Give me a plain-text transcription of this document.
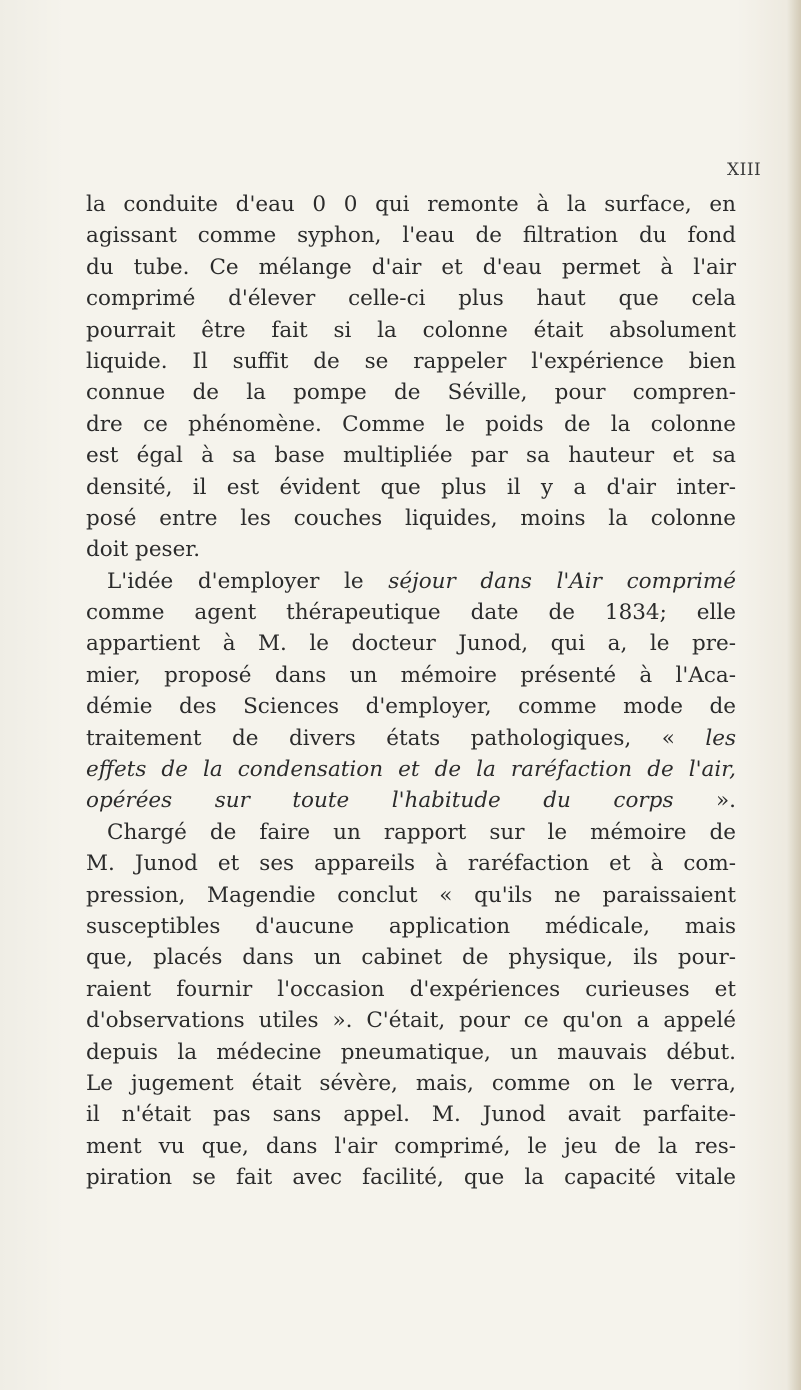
XIII
la conduite d'eau 0 0 qui remonte à la surface, en
agissant comme syphon, l'eau de filtration du fond
du tube. Ce mélange d'air et d'eau permet à l'air
comprimé d'élever celle-ci plus haut que cela
pourrait être fait si la colonne était absolument
liquide. Il suffit de se rappeler l'expérience bien
connue de la pompe de Séville, pour compren-
dre ce phénomène. Comme le poids de la colonne
est égal à sa base multipliée par sa hauteur et sa
densité, il est évident que plus il y a d'air inter-
posé entre les couches liquides, moins la colonne
doit peser.
L'idée d'employer le séjour dans l'Air comprimé
comme agent thérapeutique date de 1834; elle
appartient à M. le docteur Junod, qui a, le pre-
mier, proposé dans un mémoire présenté à l'Aca-
démie des Sciences d'employer, comme mode de
traitement de divers états pathologiques, « les
effets de la condensation et de la raréfaction de l'air,
opérées sur toute l'habitude du corps ».
Chargé de faire un rapport sur le mémoire de
M. Junod et ses appareils à raréfaction et à com-
pression, Magendie conclut « qu'ils ne paraissaient
susceptibles d'aucune application médicale, mais
que, placés dans un cabinet de physique, ils pour-
raient fournir l'occasion d'expériences curieuses et
d'observations utiles ». C'était, pour ce qu'on a appelé
depuis la médecine pneumatique, un mauvais début.
Le jugement était sévère, mais, comme on le verra,
il n'était pas sans appel. M. Junod avait parfaite-
ment vu que, dans l'air comprimé, le jeu de la res-
piration se fait avec facilité, que la capacité vitale
